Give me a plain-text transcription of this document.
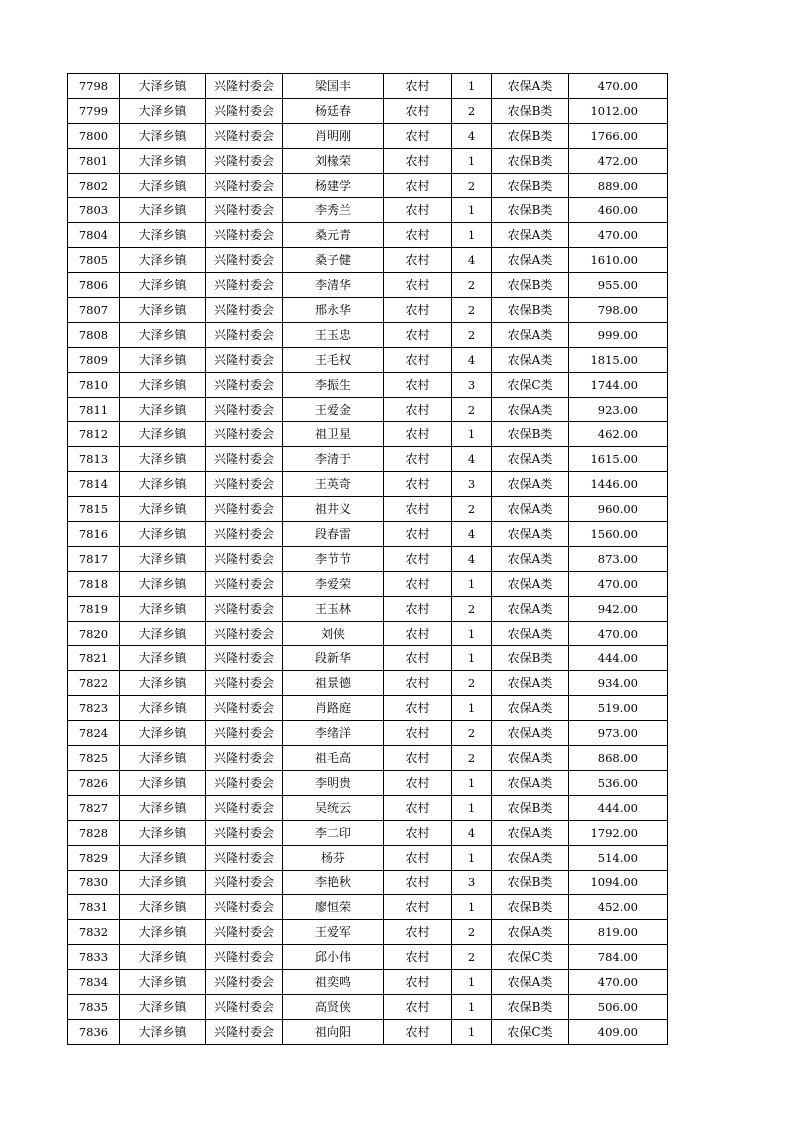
7798	大泽乡镇	兴隆村委会	梁国丰	农村	1	农保A类	470.00
7799	大泽乡镇	兴隆村委会	杨廷春	农村	2	农保B类	1012.00
7800	大泽乡镇	兴隆村委会	肖明刚	农村	4	农保B类	1766.00
7801	大泽乡镇	兴隆村委会	刘椽荣	农村	1	农保B类	472.00
7802	大泽乡镇	兴隆村委会	杨建学	农村	2	农保B类	889.00
7803	大泽乡镇	兴隆村委会	李秀兰	农村	1	农保B类	460.00
7804	大泽乡镇	兴隆村委会	桑元青	农村	1	农保A类	470.00
7805	大泽乡镇	兴隆村委会	桑子健	农村	4	农保A类	1610.00
7806	大泽乡镇	兴隆村委会	李清华	农村	2	农保B类	955.00
7807	大泽乡镇	兴隆村委会	邢永华	农村	2	农保B类	798.00
7808	大泽乡镇	兴隆村委会	王玉忠	农村	2	农保A类	999.00
7809	大泽乡镇	兴隆村委会	王毛权	农村	4	农保A类	1815.00
7810	大泽乡镇	兴隆村委会	李振生	农村	3	农保C类	1744.00
7811	大泽乡镇	兴隆村委会	王爱金	农村	2	农保A类	923.00
7812	大泽乡镇	兴隆村委会	祖卫星	农村	1	农保B类	462.00
7813	大泽乡镇	兴隆村委会	李清于	农村	4	农保A类	1615.00
7814	大泽乡镇	兴隆村委会	王英奇	农村	3	农保A类	1446.00
7815	大泽乡镇	兴隆村委会	祖井义	农村	2	农保A类	960.00
7816	大泽乡镇	兴隆村委会	段春雷	农村	4	农保A类	1560.00
7817	大泽乡镇	兴隆村委会	李节节	农村	4	农保A类	873.00
7818	大泽乡镇	兴隆村委会	李爱荣	农村	1	农保A类	470.00
7819	大泽乡镇	兴隆村委会	王玉林	农村	2	农保A类	942.00
7820	大泽乡镇	兴隆村委会	刘侠	农村	1	农保A类	470.00
7821	大泽乡镇	兴隆村委会	段新华	农村	1	农保B类	444.00
7822	大泽乡镇	兴隆村委会	祖景德	农村	2	农保A类	934.00
7823	大泽乡镇	兴隆村委会	肖路庭	农村	1	农保A类	519.00
7824	大泽乡镇	兴隆村委会	李绪洋	农村	2	农保A类	973.00
7825	大泽乡镇	兴隆村委会	祖毛高	农村	2	农保A类	868.00
7826	大泽乡镇	兴隆村委会	李明贵	农村	1	农保A类	536.00
7827	大泽乡镇	兴隆村委会	吴统云	农村	1	农保B类	444.00
7828	大泽乡镇	兴隆村委会	李二印	农村	4	农保A类	1792.00
7829	大泽乡镇	兴隆村委会	杨芬	农村	1	农保A类	514.00
7830	大泽乡镇	兴隆村委会	李艳秋	农村	3	农保B类	1094.00
7831	大泽乡镇	兴隆村委会	廖恒荣	农村	1	农保B类	452.00
7832	大泽乡镇	兴隆村委会	王爱军	农村	2	农保A类	819.00
7833	大泽乡镇	兴隆村委会	邱小伟	农村	2	农保C类	784.00
7834	大泽乡镇	兴隆村委会	祖奕鸣	农村	1	农保A类	470.00
7835	大泽乡镇	兴隆村委会	高贤侠	农村	1	农保B类	506.00
7836	大泽乡镇	兴隆村委会	祖向阳	农村	1	农保C类	409.00
